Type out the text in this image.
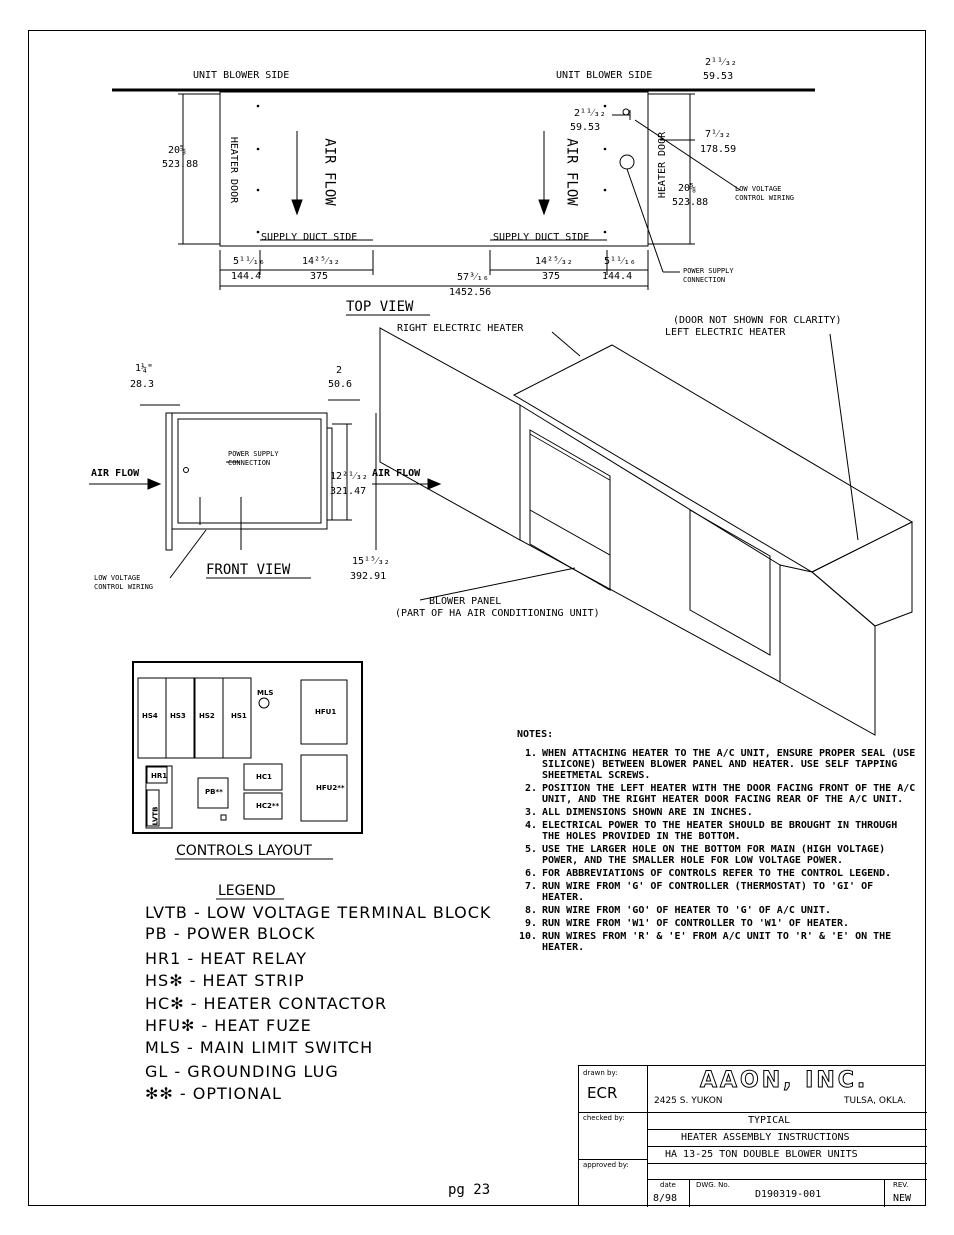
UNIT BLOWER SIDE	UNIT BLOWER SIDE
SUPPLY DUCT SIDE	SUPPLY DUCT SIDE
HEATER DOOR	HEATER DOOR
AIR FLOW	AIR FLOW
20⅝
523.88
20⅝
523.88
2¹¹⁄₃₂
59.53
2¹¹⁄₃₂
59.53
7¹⁄₃₂
178.59
LOW VOLTAGE
CONTROL WIRING
POWER SUPPLY
CONNECTION
5¹¹⁄₁₆
144.4
14²⁵⁄₃₂
375
14²⁵⁄₃₂
375
5¹¹⁄₁₆
144.4
57³⁄₁₆
1452.56
TOP VIEW
RIGHT ELECTRIC HEATER
(DOOR NOT SHOWN FOR CLARITY)
LEFT ELECTRIC HEATER
BLOWER PANEL
(PART OF HA AIR CONDITIONING UNIT)
1¼"
28.3
2
50.6
12²¹⁄₃₂
321.47
15¹⁵⁄₃₂
392.91
AIR FLOW	AIR FLOW
POWER SUPPLY
CONNECTION
LOW VOLTAGE
CONTROL WIRING
FRONT VIEW
HS4 HS3 HS2 HS1
MLS
HFU1
HFU2**
HR1
LVTB
PB**
HC1
HC2**
CONTROLS LAYOUT
LEGEND
LVTB - LOW VOLTAGE TERMINAL BLOCK
PB - POWER BLOCK
HR1 - HEAT RELAY
HS✻ - HEAT STRIP
HC✻ - HEATER CONTACTOR
HFU✻ - HEAT FUZE
MLS - MAIN LIMIT SWITCH
GL - GROUNDING LUG
✻✻ - OPTIONAL
NOTES:
1. WHEN ATTACHING HEATER TO THE A/C UNIT, ENSURE PROPER SEAL (USE SILICONE) BETWEEN BLOWER PANEL AND HEATER. USE SELF TAPPING SHEETMETAL SCREWS.
2. POSITION THE LEFT HEATER WITH THE DOOR FACING FRONT OF THE A/C UNIT, AND THE RIGHT HEATER DOOR FACING REAR OF THE A/C UNIT.
3. ALL DIMENSIONS SHOWN ARE IN INCHES.
4. ELECTRICAL POWER TO THE HEATER SHOULD BE BROUGHT IN THROUGH THE HOLES PROVIDED IN THE BOTTOM.
5. USE THE LARGER HOLE ON THE BOTTOM FOR MAIN (HIGH VOLTAGE) POWER, AND THE SMALLER HOLE FOR LOW VOLTAGE POWER.
6. FOR ABBREVIATIONS OF CONTROLS REFER TO THE CONTROL LEGEND.
7. RUN WIRE FROM 'G' OF CONTROLLER (THERMOSTAT) TO 'GI' OF HEATER.
8. RUN WIRE FROM 'GO' OF HEATER TO 'G' OF A/C UNIT.
9. RUN WIRE FROM 'W1' OF CONTROLLER TO 'W1' OF HEATER.
10. RUN WIRES FROM 'R' & 'E' FROM A/C UNIT TO 'R' & 'E' ON THE HEATER.
drawn by:
ECR	AAON, INC.
2425 S. YUKON	TULSA, OKLA.
checked by:	TYPICAL
HEATER ASSEMBLY INSTRUCTIONS
HA 13-25 TON DOUBLE BLOWER UNITS
approved by:
date
8/98
DWG. No.
D190319-001
REV.
NEW
pg 23
